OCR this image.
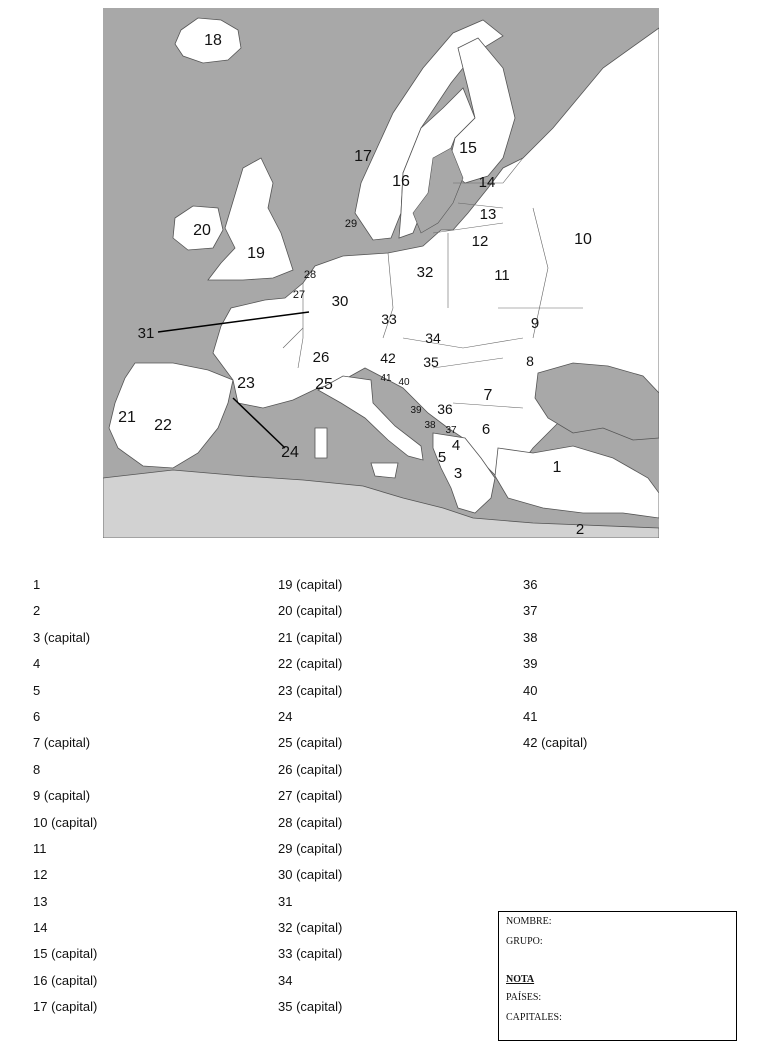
18
17
16
15
14
13
12	10
11
32
20
19
28
27
29
30
9
31
33
34
8
26	42 35
23	25	41 40
7
39 36
38 37 6
21 22
4
24	5
3	1
2
1
2
3 (capital)
4
5
6
7 (capital)
8
9 (capital)
10 (capital)
11
12
13
14
15 (capital)
16 (capital)
17 (capital)
19 (capital)
20 (capital)
21 (capital)
22 (capital)
23 (capital)
24
25 (capital)
26 (capital)
27 (capital)
28 (capital)
29 (capital)
30 (capital)
31
32 (capital)
33 (capital)
34
35 (capital)
36
37
38
39
40
41
42 (capital)
NOMBRE:
GRUPO:
NOTA
PAÍSES:
CAPITALES:
